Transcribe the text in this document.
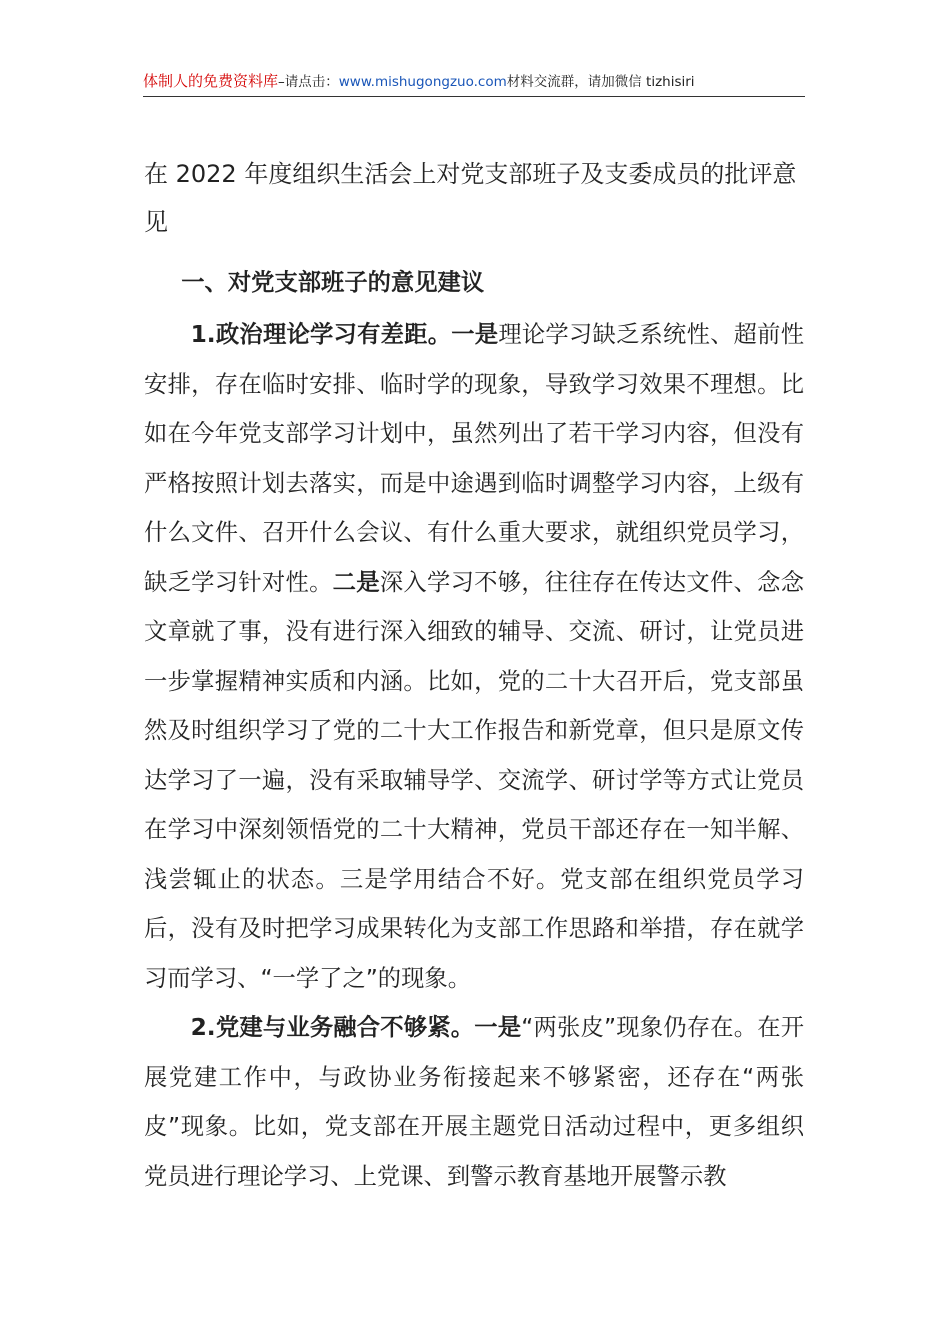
体制人的免费资料库–请点击：www.mishugongzuo.com材料交流群，请加微信 tizhisiri
在 2022 年度组织生活会上对党支部班子及支委成员的批评意见

一、对党支部班子的意见建议

1.政治理论学习有差距。一是理论学习缺乏系统性、超前性安排，存在临时安排、临时学的现象，导致学习效果不理想。比如在今年党支部学习计划中，虽然列出了若干学习内容，但没有严格按照计划去落实，而是中途遇到临时调整学习内容，上级有什么文件、召开什么会议、有什么重大要求，就组织党员学习，缺乏学习针对性。二是深入学习不够，往往存在传达文件、念念文章就了事，没有进行深入细致的辅导、交流、研讨，让党员进一步掌握精神实质和内涵。比如，党的二十大召开后，党支部虽然及时组织学习了党的二十大工作报告和新党章，但只是原文传达学习了一遍，没有采取辅导学、交流学、研讨学等方式让党员在学习中深刻领悟党的二十大精神，党员干部还存在一知半解、浅尝辄止的状态。三是学用结合不好。党支部在组织党员学习后，没有及时把学习成果转化为支部工作思路和举措，存在就学习而学习、“一学了之”的现象。

2.党建与业务融合不够紧。一是“两张皮”现象仍存在。在开展党建工作中，与政协业务衔接起来不够紧密，还存在“两张皮”现象。比如，党支部在开展主题党日活动过程中，更多组织党员进行理论学习、上党课、到警示教育基地开展警示教
